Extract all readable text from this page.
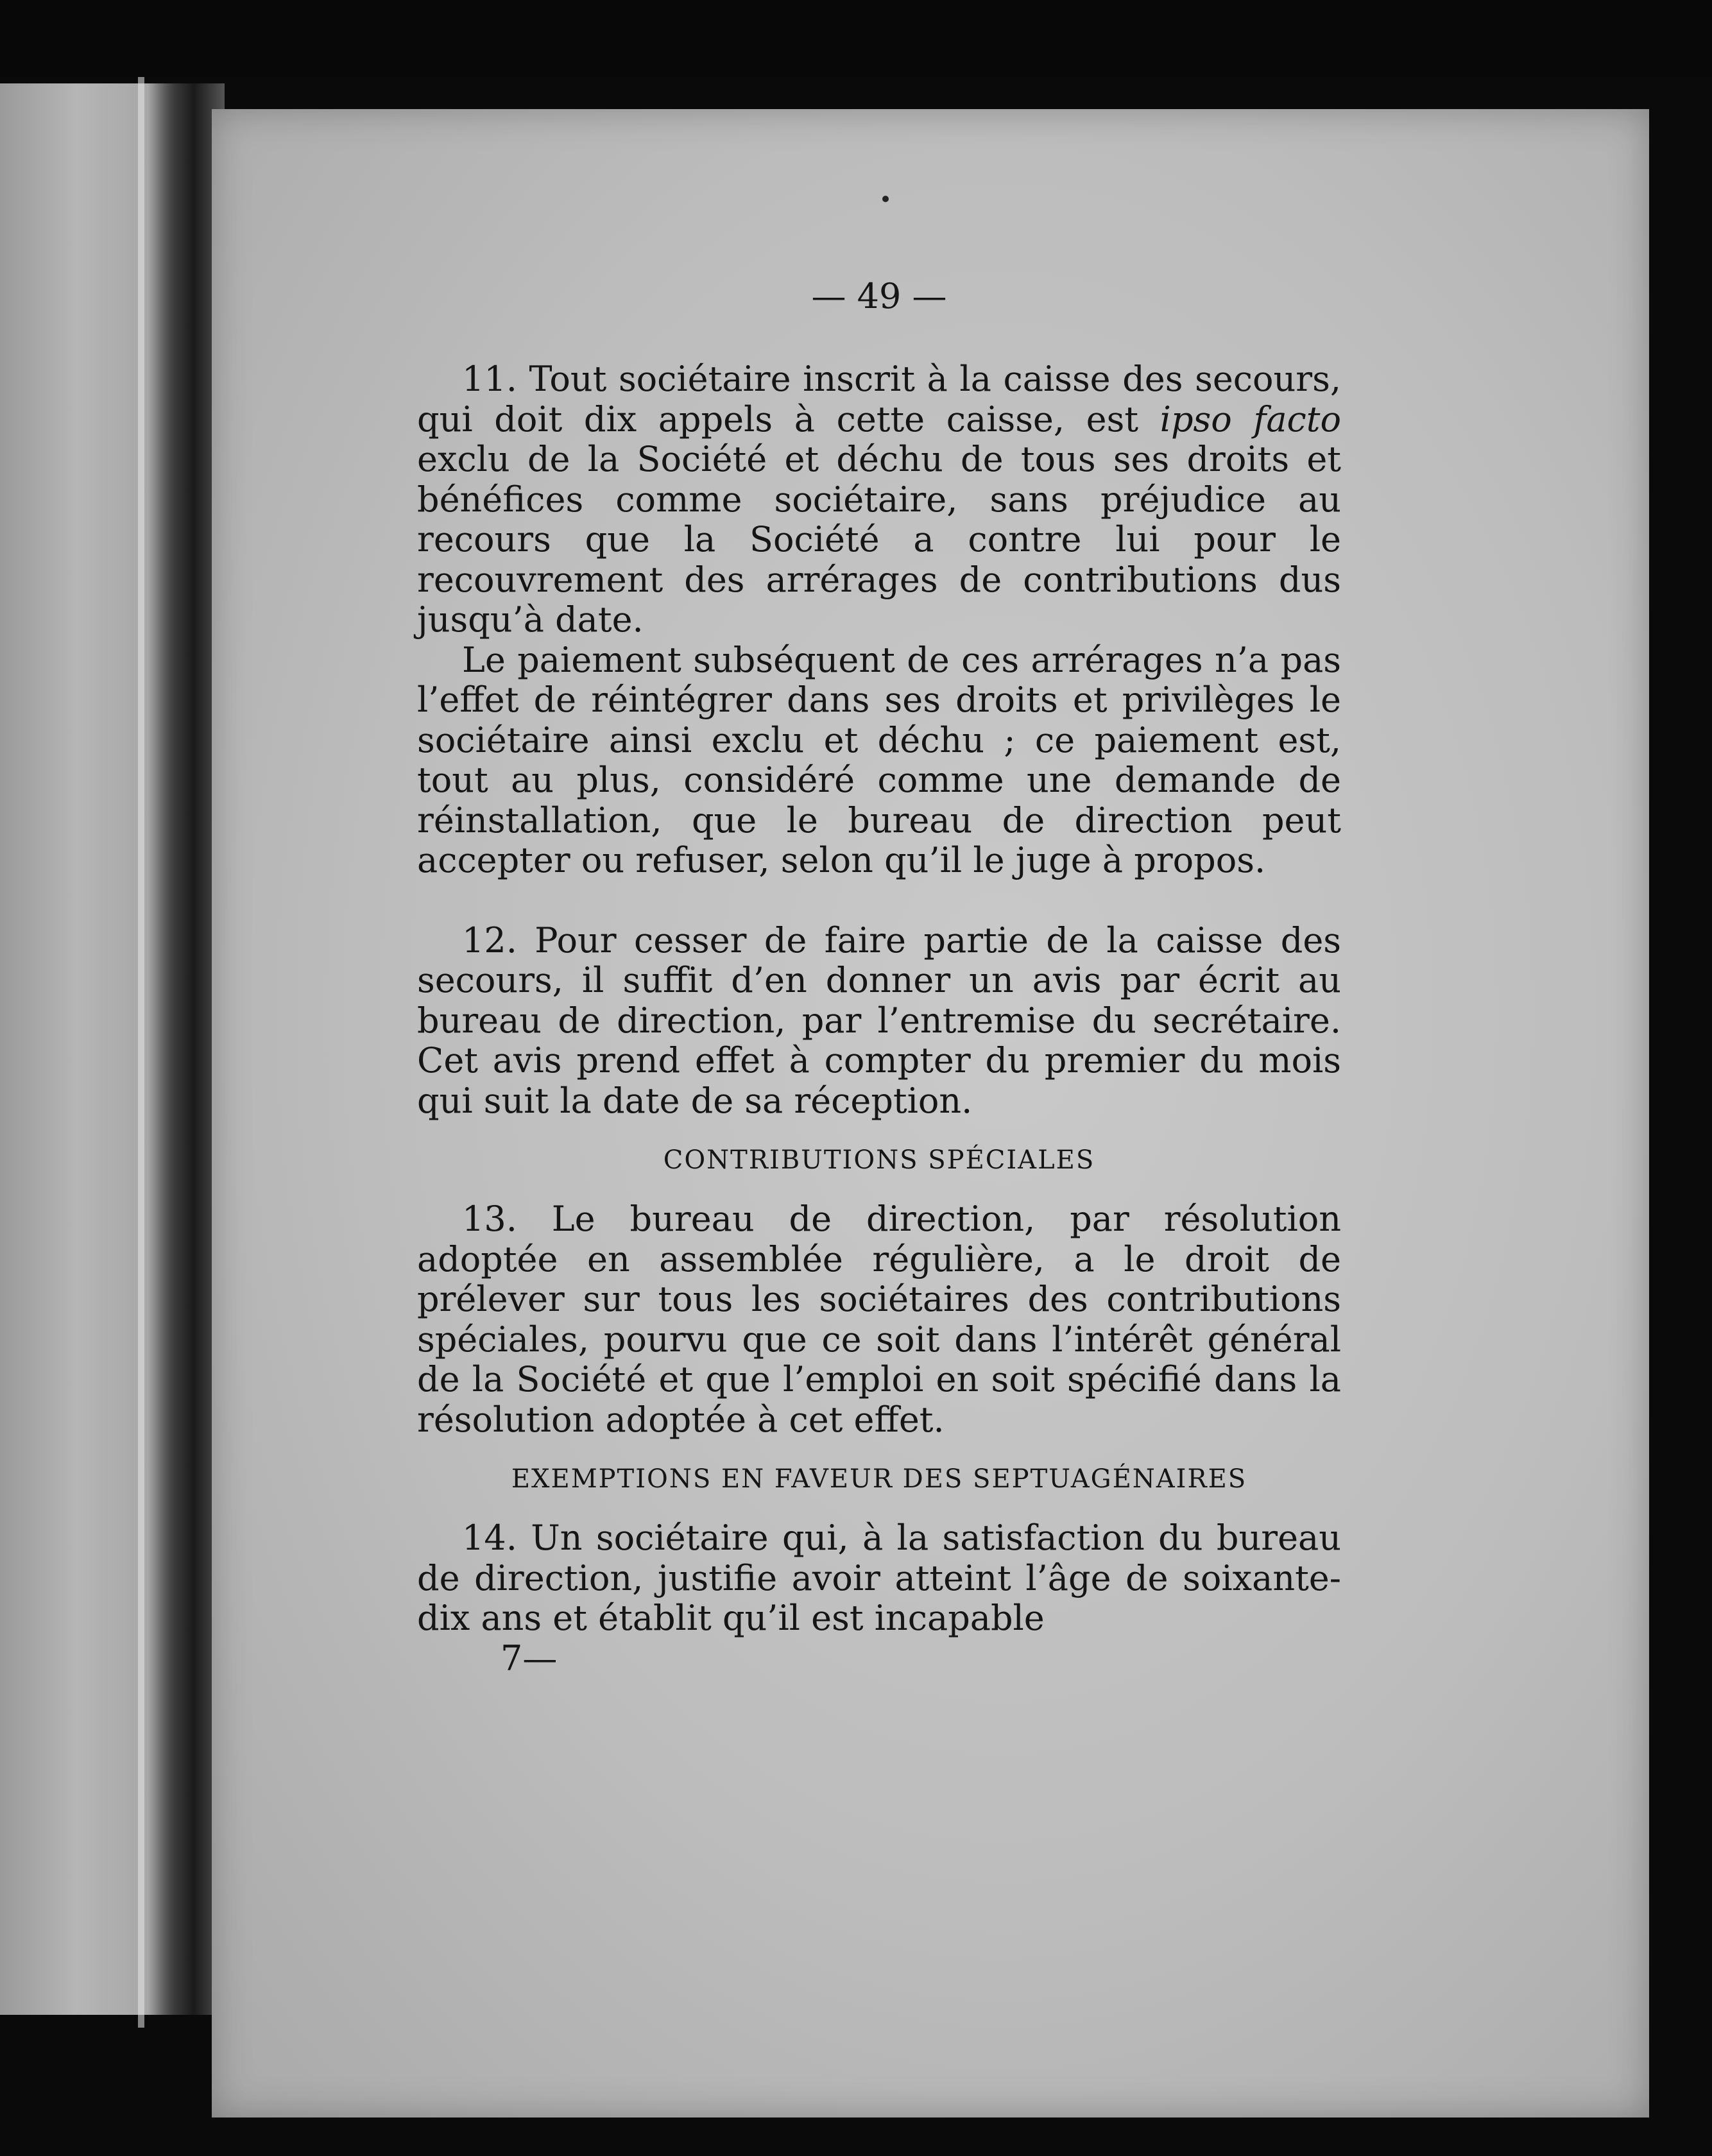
— 49 —

11. Tout sociétaire inscrit à la caisse des secours, qui doit dix appels à cette caisse, est ipso facto exclu de la Société et déchu de tous ses droits et bénéfices comme sociétaire, sans préjudice au recours que la Société a contre lui pour le recouvrement des arrérages de contributions dus jusqu’à date.

Le paiement subséquent de ces arrérages n’a pas l’effet de réintégrer dans ses droits et privilèges le sociétaire ainsi exclu et déchu ; ce paiement est, tout au plus, considéré comme une demande de réinstallation, que le bureau de direction peut accepter ou refuser, selon qu’il le juge à propos.

12. Pour cesser de faire partie de la caisse des secours, il suffit d’en donner un avis par écrit au bureau de direction, par l’entremise du secrétaire. Cet avis prend effet à compter du premier du mois qui suit la date de sa réception.

CONTRIBUTIONS SPÉCIALES

13. Le bureau de direction, par résolution adoptée en assemblée régulière, a le droit de prélever sur tous les sociétaires des contributions spéciales, pourvu que ce soit dans l’intérêt général de la Société et que l’emploi en soit spécifié dans la résolution adoptée à cet effet.

EXEMPTIONS EN FAVEUR DES SEPTUAGÉNAIRES

14. Un sociétaire qui, à la satisfaction du bureau de direction, justifie avoir atteint l’âge de soixante-dix ans et établit qu’il est incapable

7—
